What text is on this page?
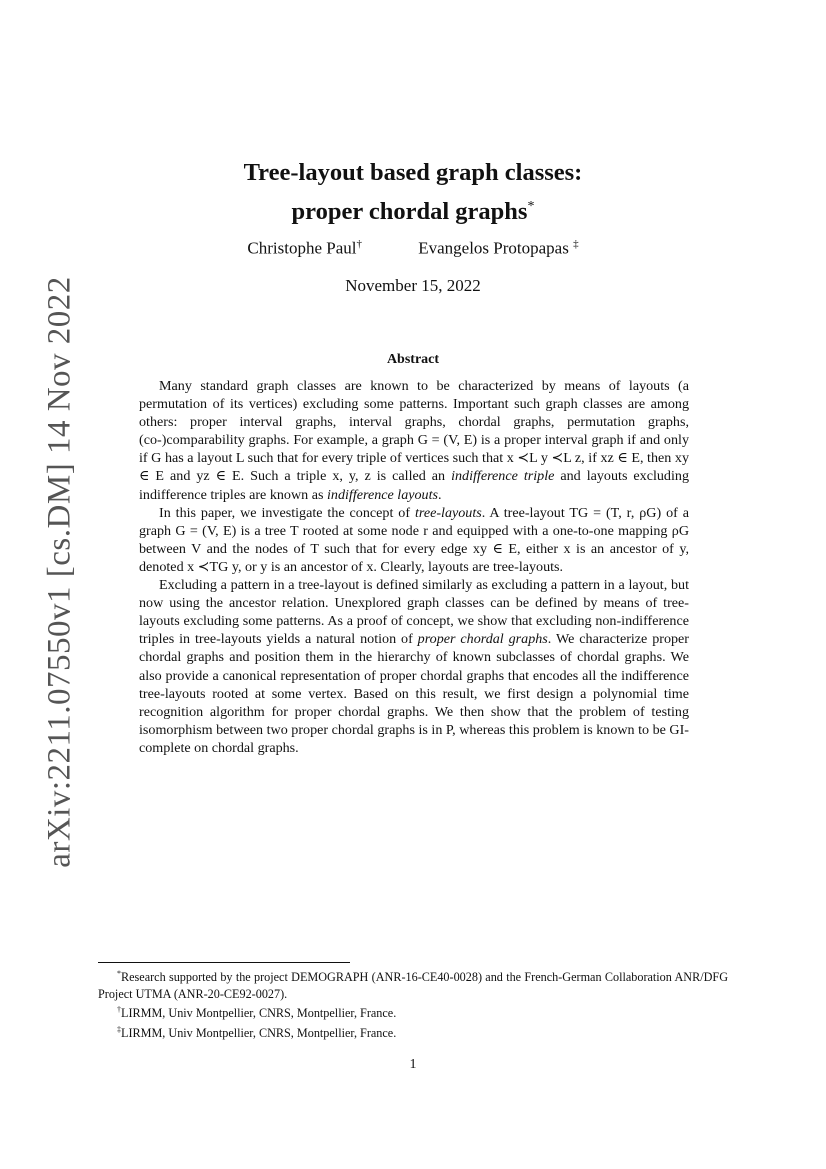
arXiv:2211.07550v1 [cs.DM] 14 Nov 2022
Tree-layout based graph classes:
proper chordal graphs*
Christophe Paul†	Evangelos Protopapas ‡
November 15, 2022
Abstract

Many standard graph classes are known to be characterized by means of layouts (a permutation of its vertices) excluding some patterns. Important such graph classes are among others: proper interval graphs, interval graphs, chordal graphs, permutation graphs, (co-)comparability graphs. For example, a graph G = (V, E) is a proper interval graph if and only if G has a layout L such that for every triple of vertices such that x ≺L y ≺L z, if xz ∈ E, then xy ∈ E and yz ∈ E. Such a triple x, y, z is called an indifference triple and layouts excluding indifference triples are known as indifference layouts.

In this paper, we investigate the concept of tree-layouts. A tree-layout TG = (T, r, ρG) of a graph G = (V, E) is a tree T rooted at some node r and equipped with a one-to-one mapping ρG between V and the nodes of T such that for every edge xy ∈ E, either x is an ancestor of y, denoted x ≺TG y, or y is an ancestor of x. Clearly, layouts are tree-layouts.

Excluding a pattern in a tree-layout is defined similarly as excluding a pattern in a layout, but now using the ancestor relation. Unexplored graph classes can be defined by means of tree-layouts excluding some patterns. As a proof of concept, we show that excluding non-indifference triples in tree-layouts yields a natural notion of proper chordal graphs. We characterize proper chordal graphs and position them in the hierarchy of known subclasses of chordal graphs. We also provide a canonical representation of proper chordal graphs that encodes all the indifference tree-layouts rooted at some vertex. Based on this result, we first design a polynomial time recognition algorithm for proper chordal graphs. We then show that the problem of testing isomorphism between two proper chordal graphs is in P, whereas this problem is known to be GI-complete on chordal graphs.

*Research supported by the project DEMOGRAPH (ANR-16-CE40-0028) and the French-German Collaboration ANR/DFG Project UTMA (ANR-20-CE92-0027).

†LIRMM, Univ Montpellier, CNRS, Montpellier, France.

‡LIRMM, Univ Montpellier, CNRS, Montpellier, France.

1
